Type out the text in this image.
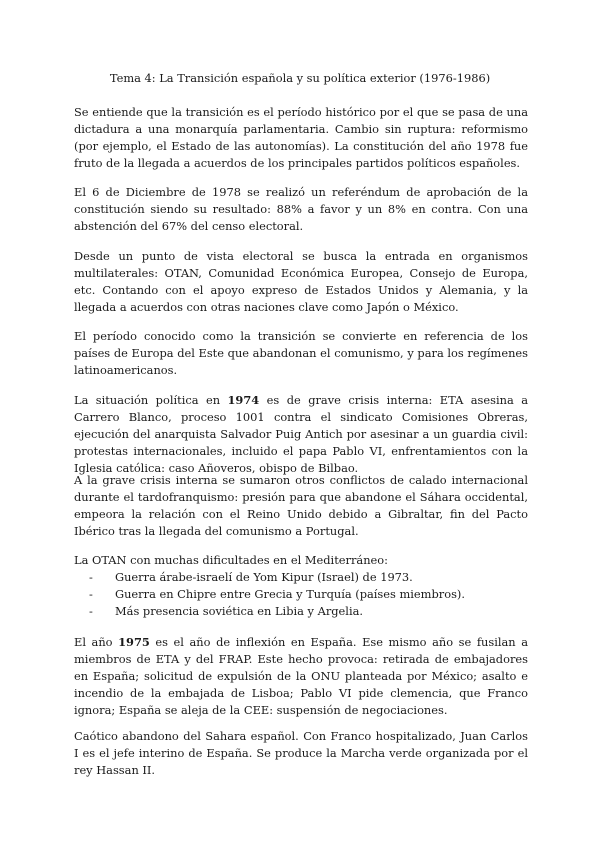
Tema 4: La Transición española y su política exterior (1976-1986)

Se entiende que la transición es el período histórico por el que se pasa de una dictadura a una monarquía parlamentaria. Cambio sin ruptura: reformismo (por ejemplo, el Estado de las autonomías). La constitución del año 1978 fue fruto de la llegada a acuerdos de los principales partidos políticos españoles.

El 6 de Diciembre de 1978 se realizó un referéndum de aprobación de la constitución siendo su resultado: 88% a favor y un 8% en contra. Con una abstención del 67% del censo electoral.

Desde un punto de vista electoral se busca la entrada en organismos multilaterales: OTAN, Comunidad Económica Europea, Consejo de Europa, etc. Contando con el apoyo expreso de Estados Unidos y Alemania, y la llegada a acuerdos con otras naciones clave como Japón o México.

El período conocido como la transición se convierte en referencia de los países de Europa del Este que abandonan el comunismo, y para los regímenes latinoamericanos.

La situación política en 1974 es de grave crisis interna: ETA asesina a Carrero Blanco, proceso 1001 contra el sindicato Comisiones Obreras, ejecución del anarquista Salvador Puig Antich por asesinar a un guardia civil: protestas internacionales, incluido el papa Pablo VI, enfrentamientos con la Iglesia católica: caso Añoveros, obispo de Bilbao.

A la grave crisis interna se sumaron otros conflictos de calado internacional durante el tardofranquismo: presión para que abandone el Sáhara occidental, empeora la relación con el Reino Unido debido a Gibraltar, fin del Pacto Ibérico tras la llegada del comunismo a Portugal.

La OTAN con muchas dificultades en el Mediterráneo:

- Guerra árabe-israelí de Yom Kipur (Israel) de 1973.
- Guerra en Chipre entre Grecia y Turquía (países miembros).
- Más presencia soviética en Libia y Argelia.

El año 1975 es el año de inflexión en España. Ese mismo año se fusilan a miembros de ETA y del FRAP. Este hecho provoca: retirada de embajadores en España; solicitud de expulsión de la ONU planteada por México; asalto e incendio de la embajada de Lisboa; Pablo VI pide clemencia, que Franco ignora; España se aleja de la CEE: suspensión de negociaciones.

Caótico abandono del Sahara español. Con Franco hospitalizado, Juan Carlos I es el jefe interino de España. Se produce la Marcha verde organizada por el rey Hassan II.
